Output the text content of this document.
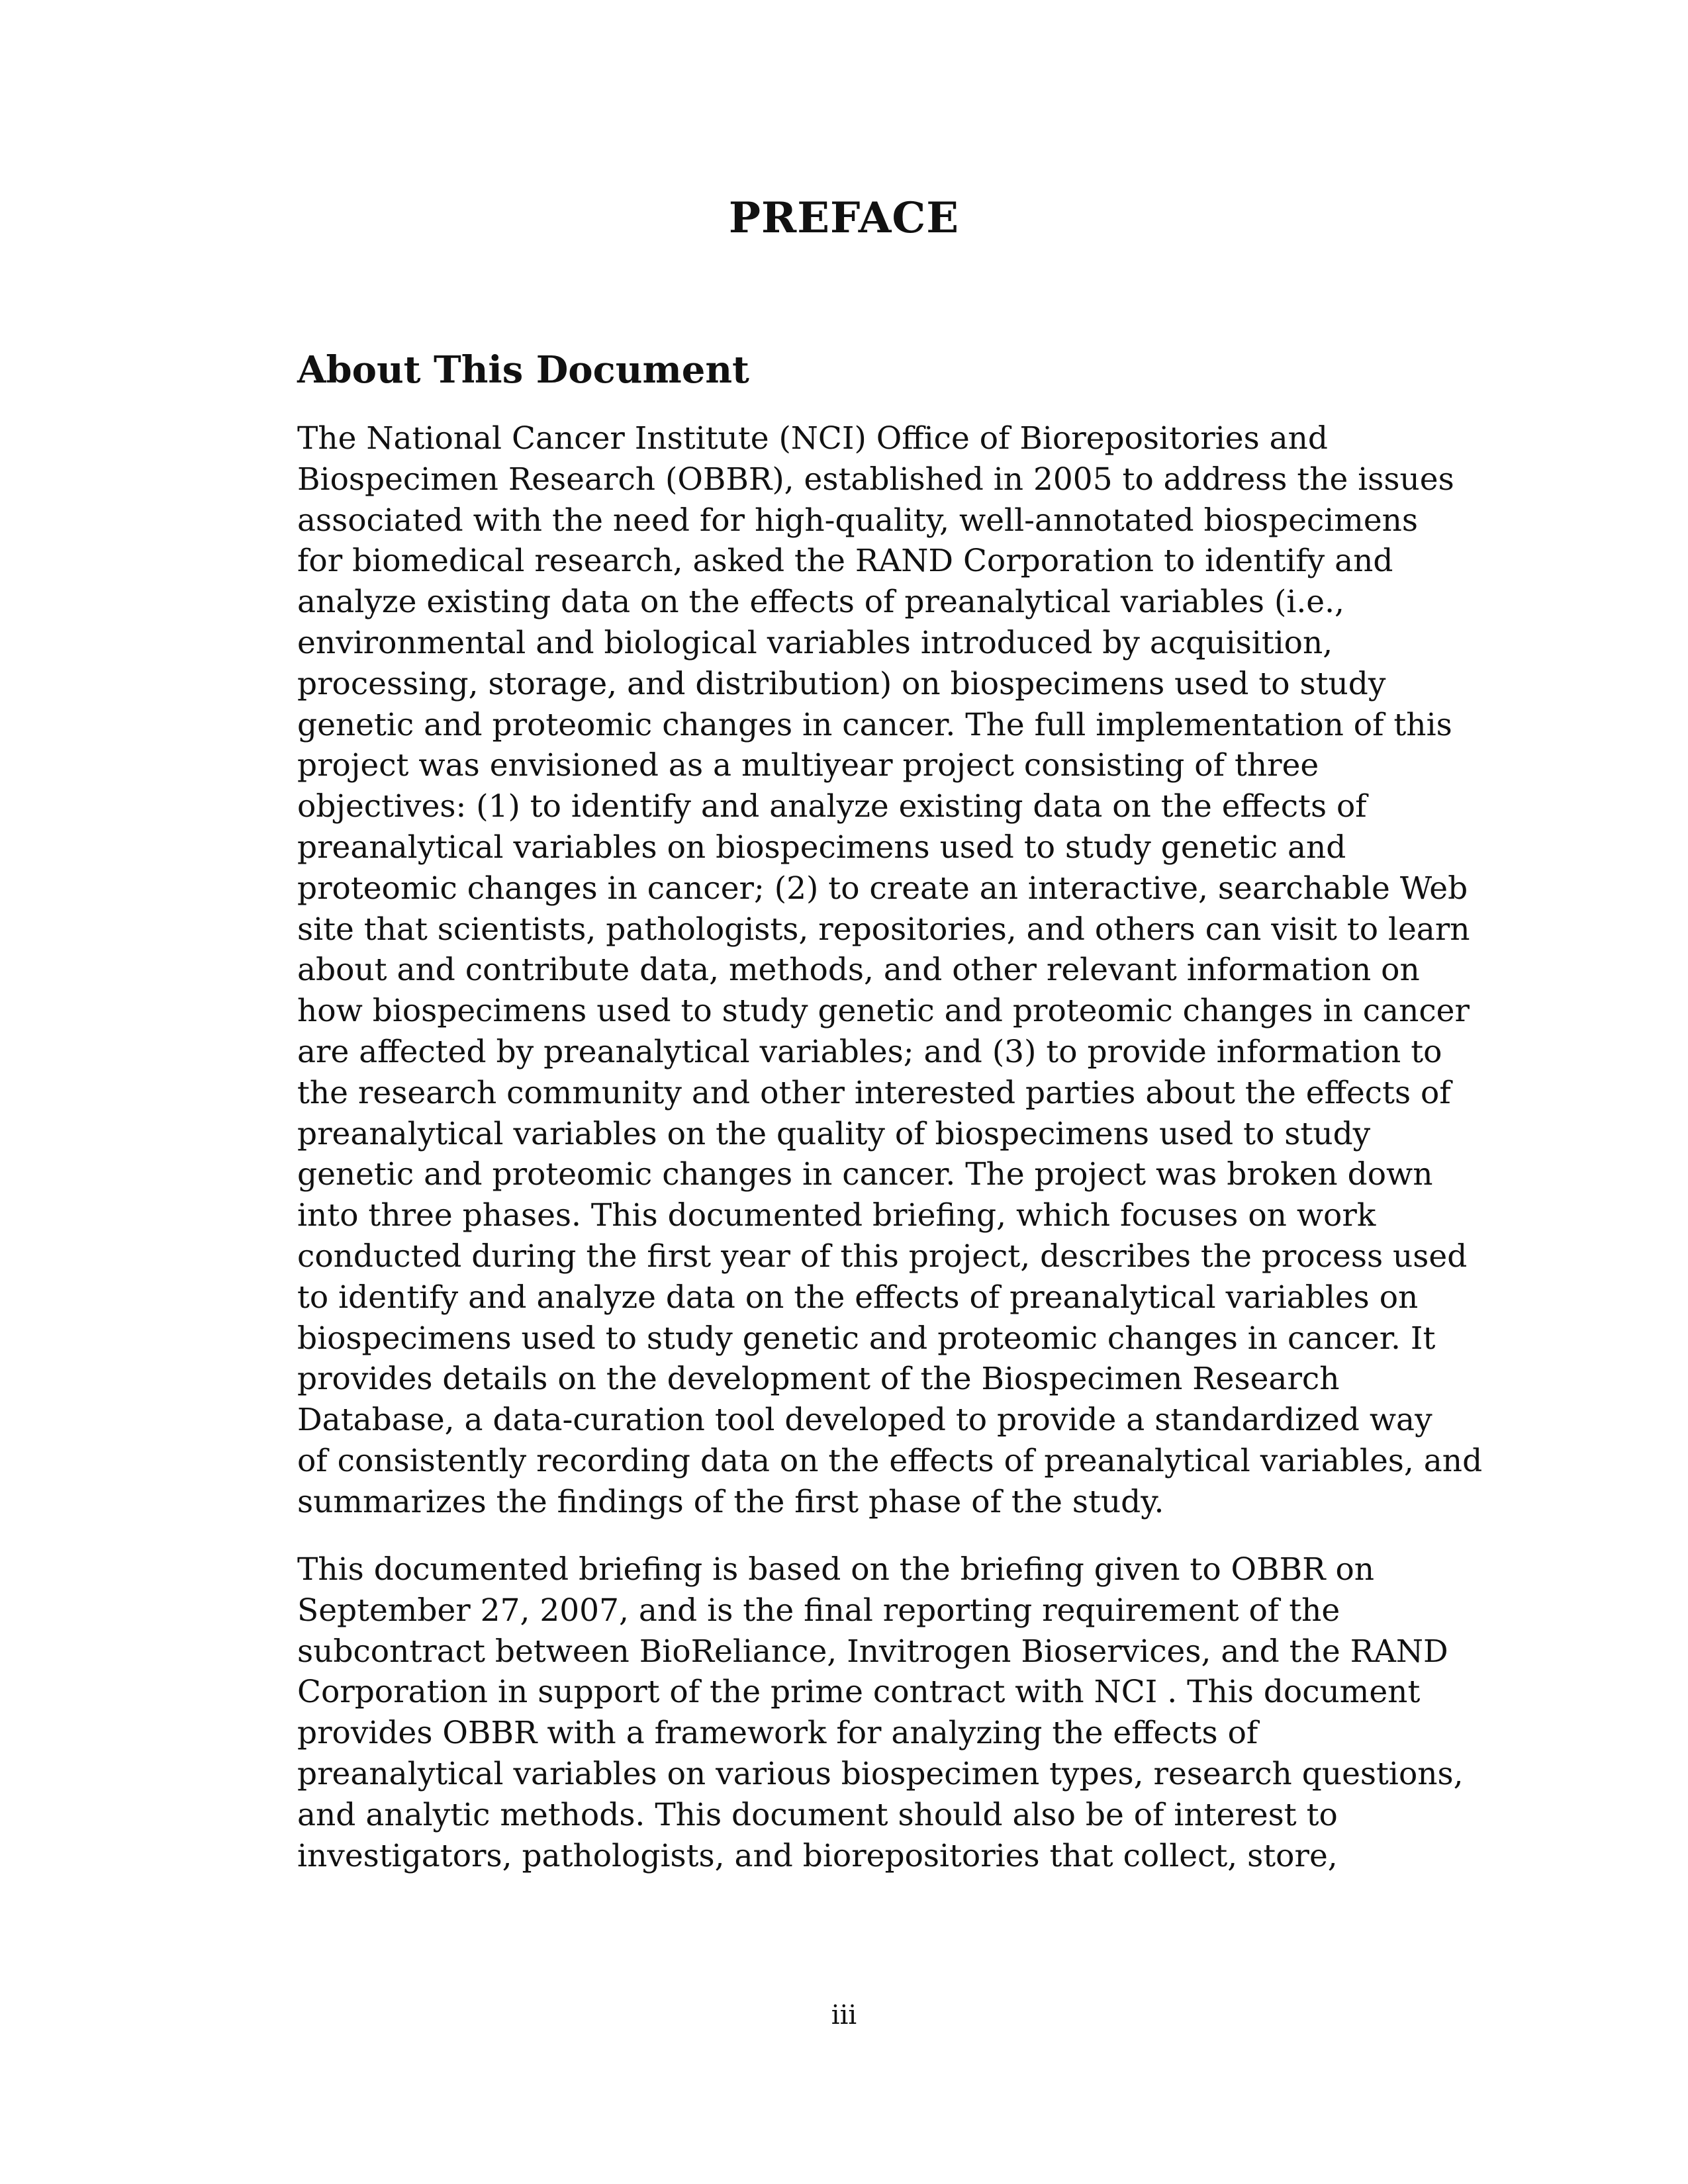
PREFACE
About This Document
The National Cancer Institute (NCI) Office of Biorepositories and
Biospecimen Research (OBBR), established in 2005 to address the issues
associated with the need for high-quality, well-annotated biospecimens
for biomedical research, asked the RAND Corporation to identify and
analyze existing data on the effects of preanalytical variables (i.e.,
environmental and biological variables introduced by acquisition,
processing, storage, and distribution) on biospecimens used to study
genetic and proteomic changes in cancer. The full implementation of this
project was envisioned as a multiyear project consisting of three
objectives: (1) to identify and analyze existing data on the effects of
preanalytical variables on biospecimens used to study genetic and
proteomic changes in cancer; (2) to create an interactive, searchable Web
site that scientists, pathologists, repositories, and others can visit to learn
about and contribute data, methods, and other relevant information on
how biospecimens used to study genetic and proteomic changes in cancer
are affected by preanalytical variables; and (3) to provide information to
the research community and other interested parties about the effects of
preanalytical variables on the quality of biospecimens used to study
genetic and proteomic changes in cancer. The project was broken down
into three phases. This documented briefing, which focuses on work
conducted during the first year of this project, describes the process used
to identify and analyze data on the effects of preanalytical variables on
biospecimens used to study genetic and proteomic changes in cancer. It
provides details on the development of the Biospecimen Research
Database, a data-curation tool developed to provide a standardized way
of consistently recording data on the effects of preanalytical variables, and
summarizes the findings of the first phase of the study.
This documented briefing is based on the briefing given to OBBR on
September 27, 2007, and is the final reporting requirement of the
subcontract between BioReliance, Invitrogen Bioservices, and the RAND
Corporation in support of the prime contract with NCI . This document
provides OBBR with a framework for analyzing the effects of
preanalytical variables on various biospecimen types, research questions,
and analytic methods. This document should also be of interest to
investigators, pathologists, and biorepositories that collect, store,
iii
